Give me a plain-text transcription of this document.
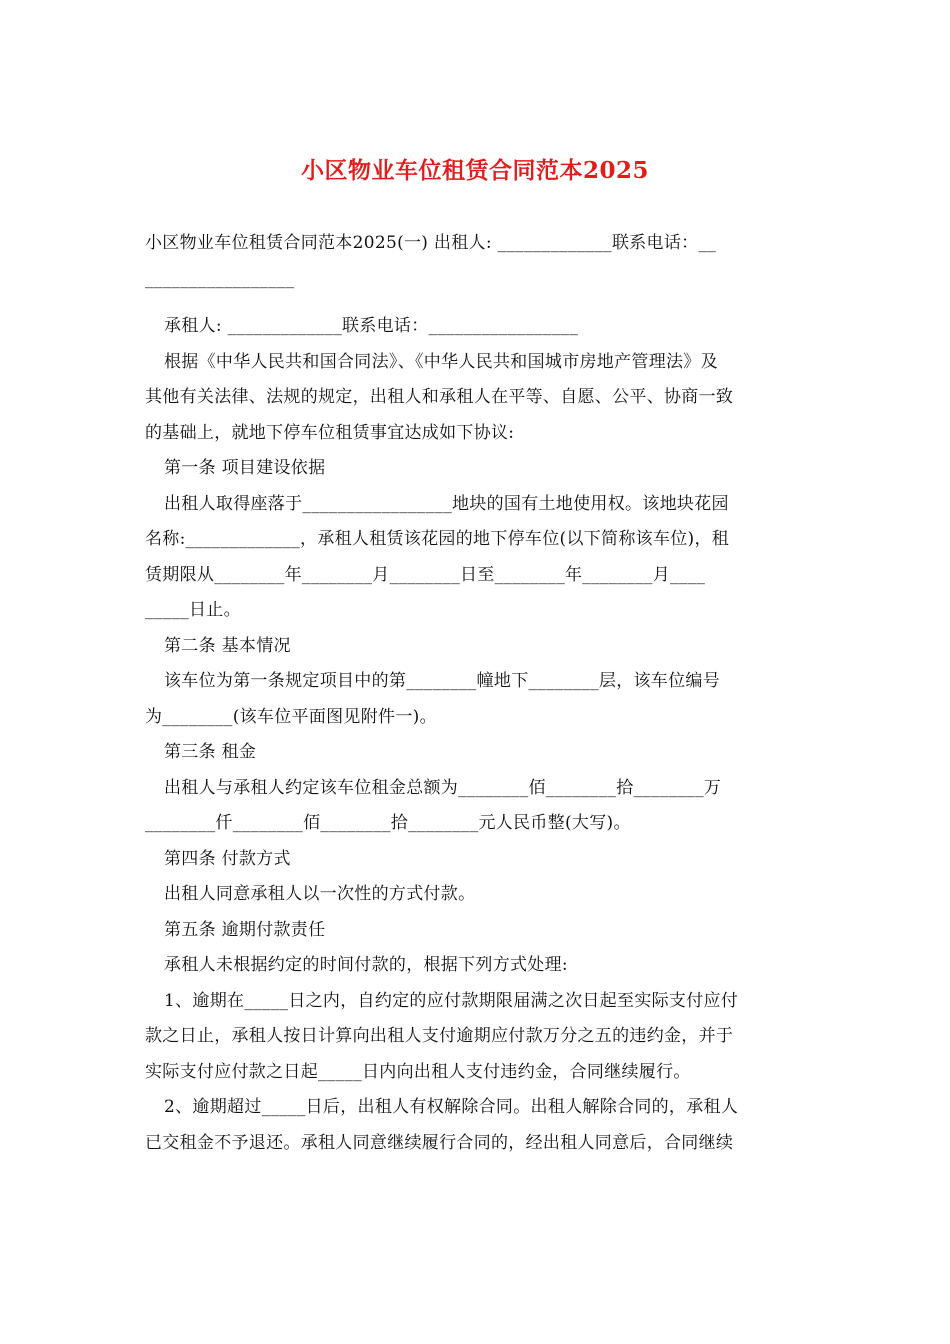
小区物业车位租赁合同范本2025
小区物业车位租赁合同范本2025(一) 出租人: _____________联系电话：__
_________________
承租人: _____________联系电话：_________________
根据《中华人民共和国合同法》、《中华人民共和国城市房地产管理法》及
其他有关法律、法规的规定，出租人和承租人在平等、自愿、公平、协商一致
的基础上，就地下停车位租赁事宜达成如下协议:
第一条 项目建设依据
出租人取得座落于_________________地块的国有土地使用权。该地块花园
名称:_____________，承租人租赁该花园的地下停车位(以下简称该车位)，租
赁期限从________年________月________日至________年________月____
_____日止。
第二条 基本情况
该车位为第一条规定项目中的第________幢地下________层，该车位编号
为________(该车位平面图见附件一)。
第三条 租金
出租人与承租人约定该车位租金总额为________佰________拾________万
________仟________佰________拾________元人民币整(大写)。
第四条 付款方式
出租人同意承租人以一次性的方式付款。
第五条 逾期付款责任
承租人未根据约定的时间付款的，根据下列方式处理:
1、逾期在_____日之内，自约定的应付款期限届满之次日起至实际支付应付
款之日止，承租人按日计算向出租人支付逾期应付款万分之五的违约金，并于
实际支付应付款之日起_____日内向出租人支付违约金，合同继续履行。
2、逾期超过_____日后，出租人有权解除合同。出租人解除合同的，承租人
已交租金不予退还。承租人同意继续履行合同的，经出租人同意后，合同继续
